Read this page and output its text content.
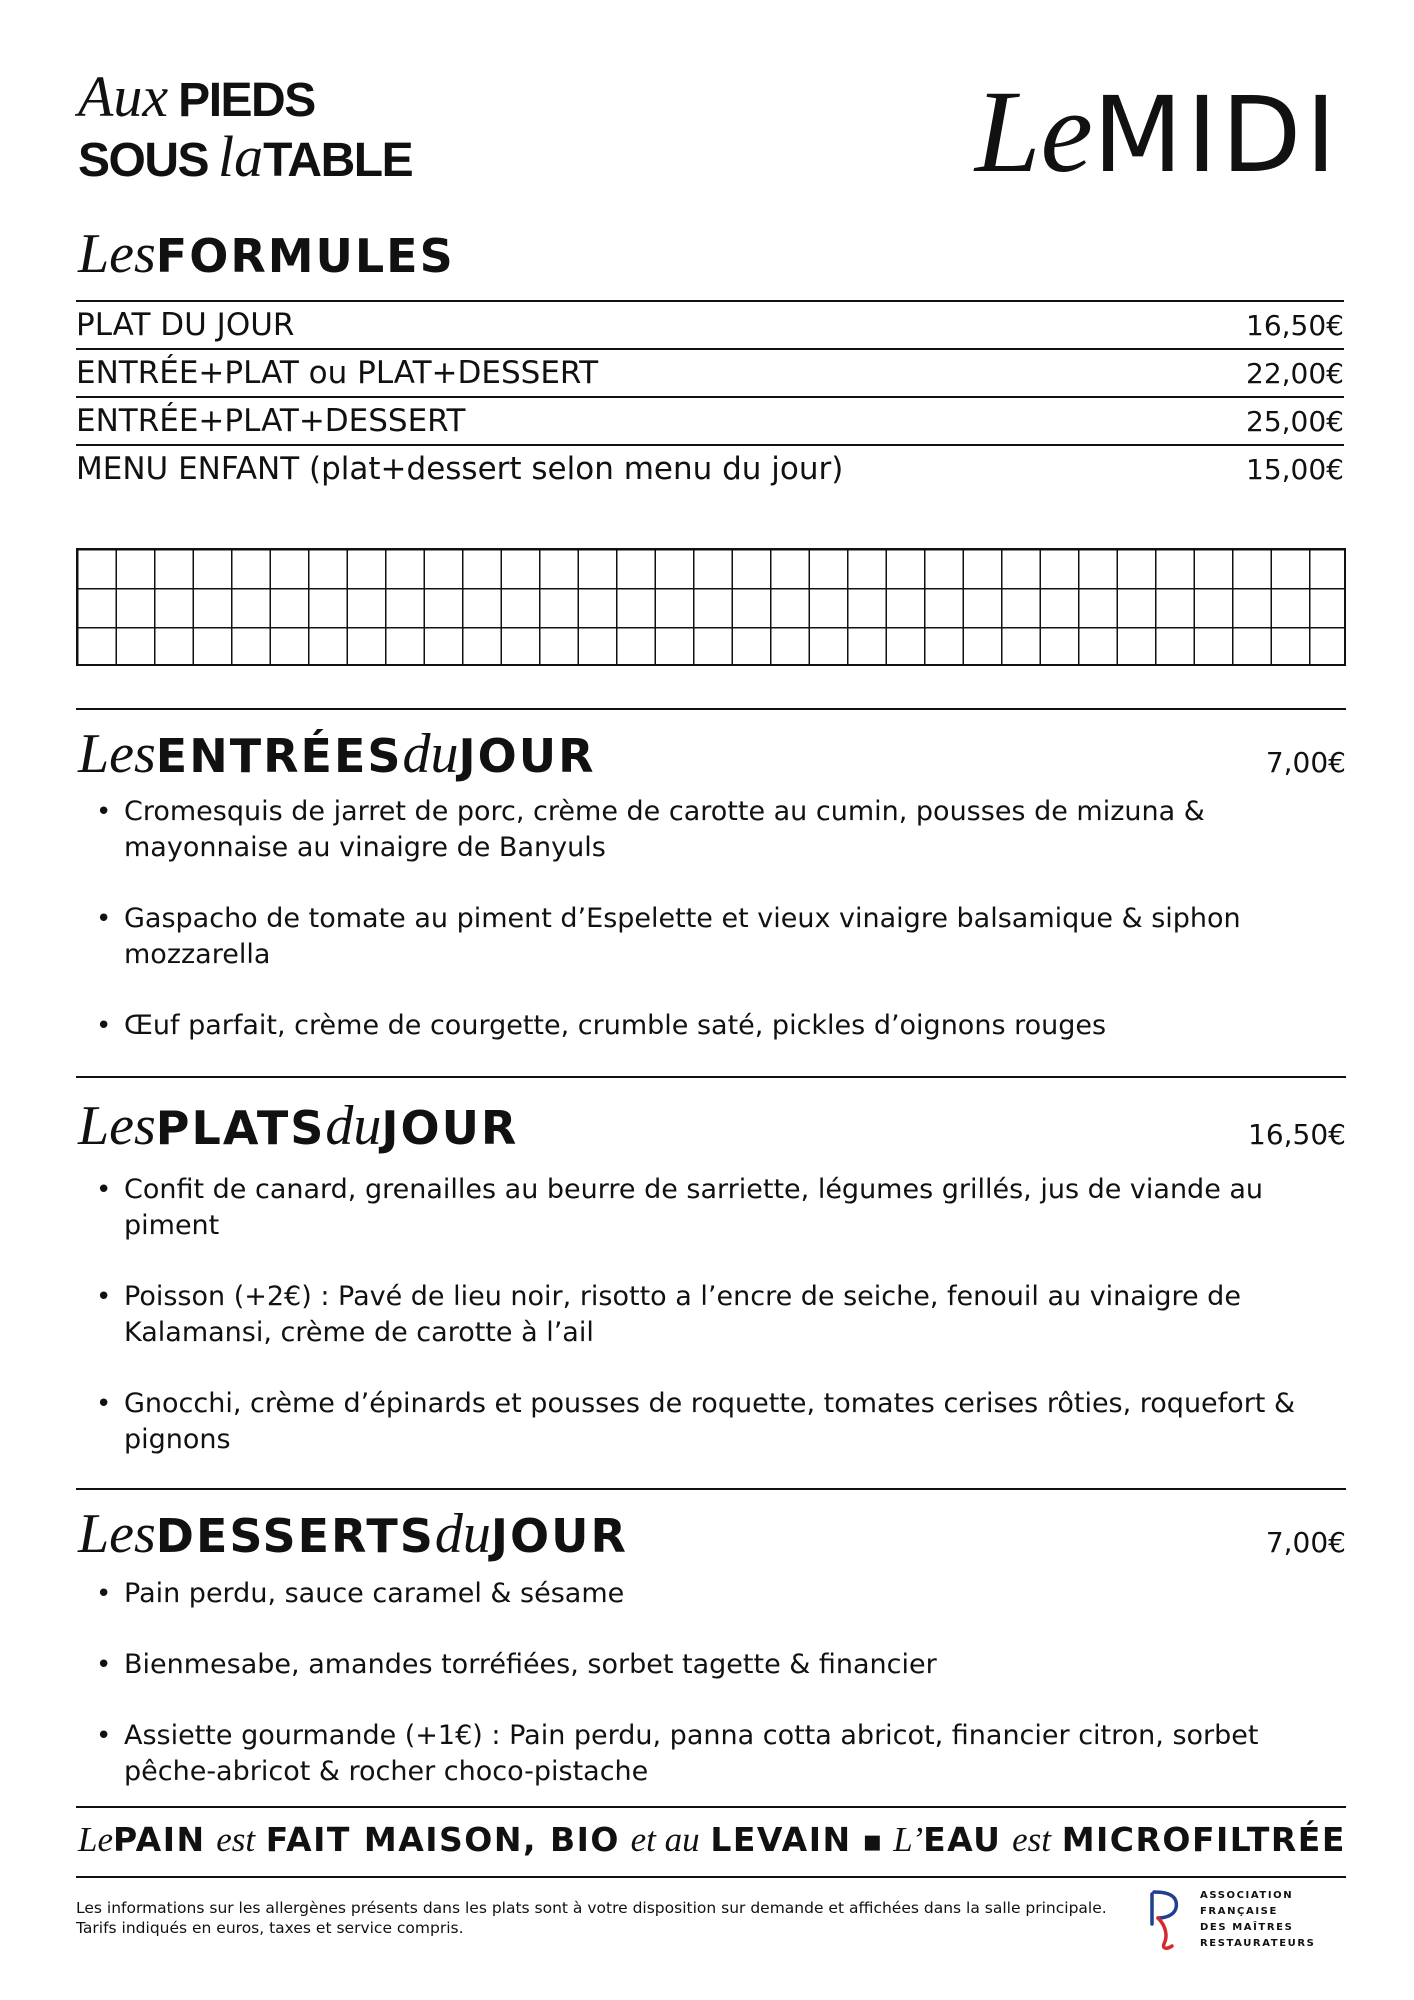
Aux PIEDS
SOUS la TABLE	Le MIDI
Les FORMULES
PLAT DU JOUR	16,50€
ENTRÉE+PLAT ou PLAT+DESSERT	22,00€
ENTRÉE+PLAT+DESSERT	25,00€
MENU ENFANT (plat+dessert selon menu du jour)	15,00€
Les ENTRÉES du JOUR	7,00€
• Cromesquis de jarret de porc, crème de carotte au cumin, pousses de mizuna & mayonnaise au vinaigre de Banyuls
• Gaspacho de tomate au piment d’Espelette et vieux vinaigre balsamique & siphon mozzarella
• Œuf parfait, crème de courgette, crumble saté, pickles d’oignons rouges
Les PLATS du JOUR	16,50€
• Confit de canard, grenailles au beurre de sarriette, légumes grillés, jus de viande au piment
• Poisson (+2€) : Pavé de lieu noir, risotto a l’encre de seiche, fenouil au vinaigre de Kalamansi, crème de carotte à l’ail
• Gnocchi, crème d’épinards et pousses de roquette, tomates cerises rôties, roquefort & pignons
Les DESSERTS du JOUR	7,00€
• Pain perdu, sauce caramel & sésame
• Bienmesabe, amandes torréfiées, sorbet tagette & financier
• Assiette gourmande (+1€) : Pain perdu, panna cotta abricot, financier citron, sorbet pêche-abricot & rocher choco-pistache
LePAIN est FAIT MAISON, BIO et au LEVAIN ▪ L’EAU est MICROFILTRÉE
Les informations sur les allergènes présents dans les plats sont à votre disposition sur demande et affichées dans la salle principale.
Tarifs indiqués en euros, taxes et service compris.
ASSOCIATION
FRANÇAISE
DES MAÎTRES
RESTAURATEURS
